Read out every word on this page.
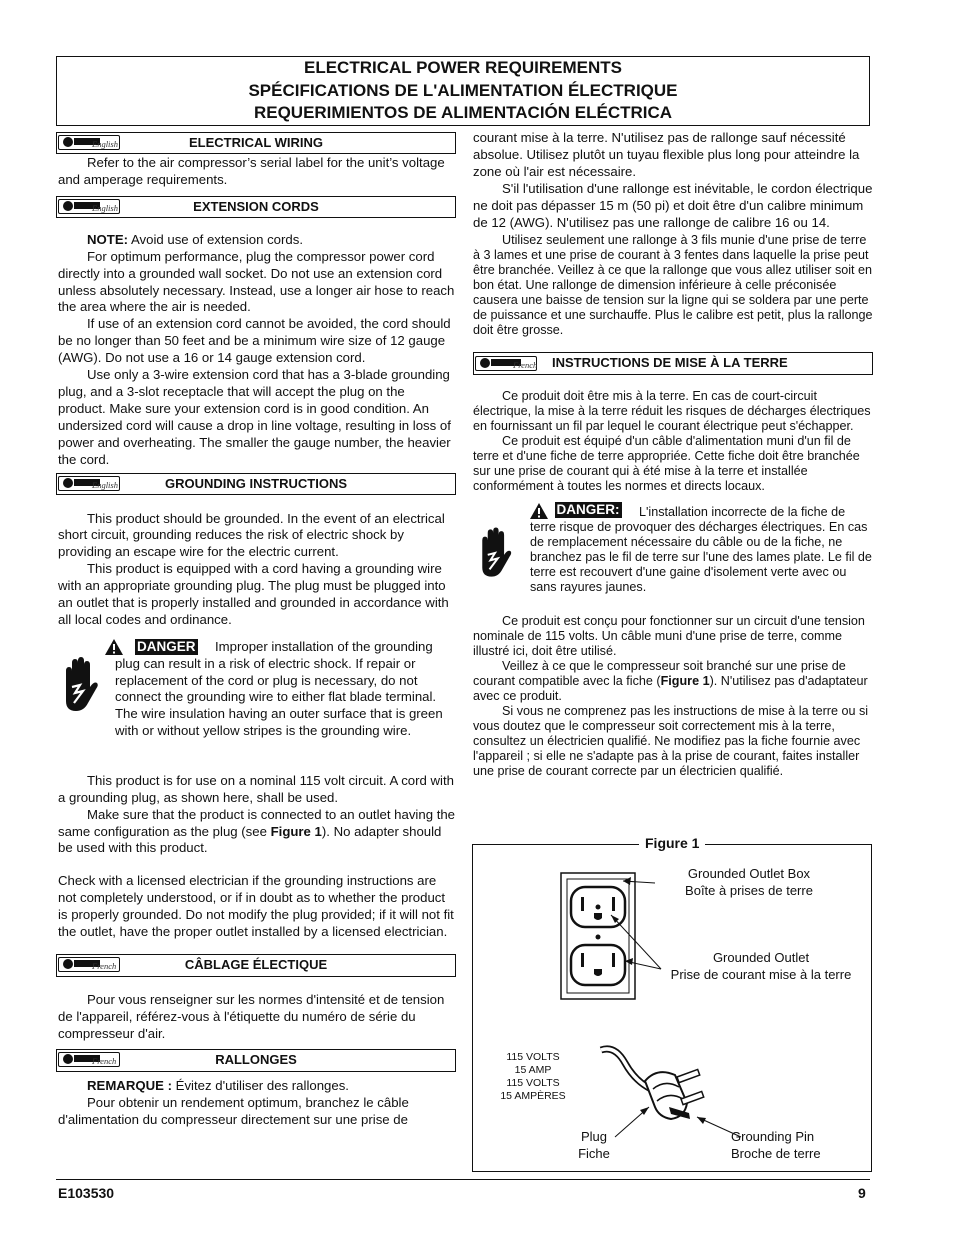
ELECTRICAL POWER REQUIREMENTS
SPÉCIFICATIONS DE L'ALIMENTATION ÉLECTRIQUE
REQUERIMIENTOS DE ALIMENTACIÓN ELÉCTRICA
English	ELECTRICAL WIRING

Refer to the air compressor’s serial label for the unit’s voltage and amperage requirements.

English	EXTENSION CORDS

NOTE: Avoid use of extension cords.

For optimum performance, plug the compressor power cord directly into a grounded wall socket. Do not use an extension cord unless absolutely necessary. Instead, use a longer air hose to reach the area where the air is needed.

If use of an extension cord cannot be avoided, the cord should be no longer than 50 feet and be a minimum wire size of 12 gauge (AWG). Do not use a 16 or 14 gauge extension cord.

Use only a 3-wire extension cord that has a 3-blade grounding plug, and a 3-slot receptacle that will accept the plug on the product. Make sure your extension cord is in good condition. An undersized cord will cause a drop in line voltage, resulting in loss of power and overheating. The smaller the gauge number, the heavier the cord.

English	GROUNDING INSTRUCTIONS

This product should be grounded. In the event of an electrical short circuit, grounding reduces the risk of electric shock by providing an escape wire for the electric current.

This product is equipped with a cord having a grounding wire with an appropriate grounding plug. The plug must be plugged into an outlet that is properly installed and grounded in accordance with all local codes and ordinance.

DANGER	Improper installation of the grounding plug can result in a risk of electric shock. If repair or replacement of the cord or plug is necessary, do not connect the grounding wire to either flat blade terminal. The wire insulation having an outer surface that is green with or without yellow stripes is the grounding wire.

This product is for use on a nominal 115 volt circuit. A cord with a grounding plug, as shown here, shall be used.

Make sure that the product is connected to an outlet having the same configuration as the plug (see Figure 1). No adapter should be used with this product.

Check with a licensed electrician if the grounding instructions are not completely understood, or if in doubt as to whether the product is properly grounded. Do not modify the plug provided; if it will not fit the outlet, have the proper outlet installed by a licensed electrician.

French	CÂBLAGE ÉLECTIQUE

Pour vous renseigner sur les normes d'intensité et de tension de l'appareil, référez-vous à l'étiquette du numéro de série du compresseur d'air.

French	RALLONGES

REMARQUE : Évitez d'utiliser des rallonges.

Pour obtenir un rendement optimum, branchez le câble d'alimentation du compresseur directement sur une prise de

courant mise à la terre. N'utilisez pas de rallonge sauf nécessité absolue. Utilisez plutôt un tuyau flexible plus long pour atteindre la zone où l'air est nécessaire.

S'il l'utilisation d'une rallonge est inévitable, le cordon électrique ne doit pas dépasser 15 m (50 pi) et doit être d'un calibre minimum de 12 (AWG). N'utilisez pas une rallonge de calibre 16 ou 14.

Utilisez seulement une rallonge à 3 fils munie d'une prise de terre à 3 lames et une prise de courant à 3 fentes dans laquelle la prise peut être branchée. Veillez à ce que la rallonge que vous allez utiliser soit en bon état. Une rallonge de dimension inférieure à celle préconisée causera une baisse de tension sur la ligne qui se soldera par une perte de puissance et une surchauffe. Plus le calibre est petit, plus la rallonge doit être grosse.

French INSTRUCTIONS DE MISE À LA TERRE

Ce produit doit être mis à la terre. En cas de court-circuit électrique, la mise à la terre réduit les risques de décharges électriques en fournissant un fil par lequel le courant électrique peut s'échapper.

Ce produit est équipé d'un câble d'alimentation muni d'un fil de terre et d'une fiche de terre appropriée. Cette fiche doit être branchée sur une prise de courant qui à été mise à la terre et installée conformément à toutes les normes et directs locaux.

DANGER:	L'installation incorrecte de la fiche de terre risque de provoquer des décharges électriques. En cas de remplacement nécessaire du câble ou de la fiche, ne branchez pas le fil de terre sur l'une des lames plate. Le fil de terre est recouvert d'une gaine d'isolement verte avec ou sans rayures jaunes.

Ce produit est conçu pour fonctionner sur un circuit d'une tension nominale de 115 volts. Un câble muni d'une prise de terre, comme illustré ici, doit être utilisé.

Veillez à ce que le compresseur soit branché sur une prise de courant compatible avec la fiche (Figure 1). N'utilisez pas d'adaptateur avec ce produit.

Si vous ne comprenez pas les instructions de mise à la terre ou si vous doutez que le compresseur soit correctement mis à la terre, consultez un électricien qualifié. Ne modifiez pas la fiche fournie avec l'appareil ; si elle ne s'adapte pas à la prise de courant, faites installer une prise de courant correcte par un électricien qualifié.

Figure 1
Grounded Outlet Box
Boîte à prises de terre
Grounded Outlet
Prise de courant mise à la terre
115 VOLTS
15 AMP
115 VOLTS
15 AMPÈRES
Plug
Fiche
Grounding Pin
Broche de terre
E103530	9
